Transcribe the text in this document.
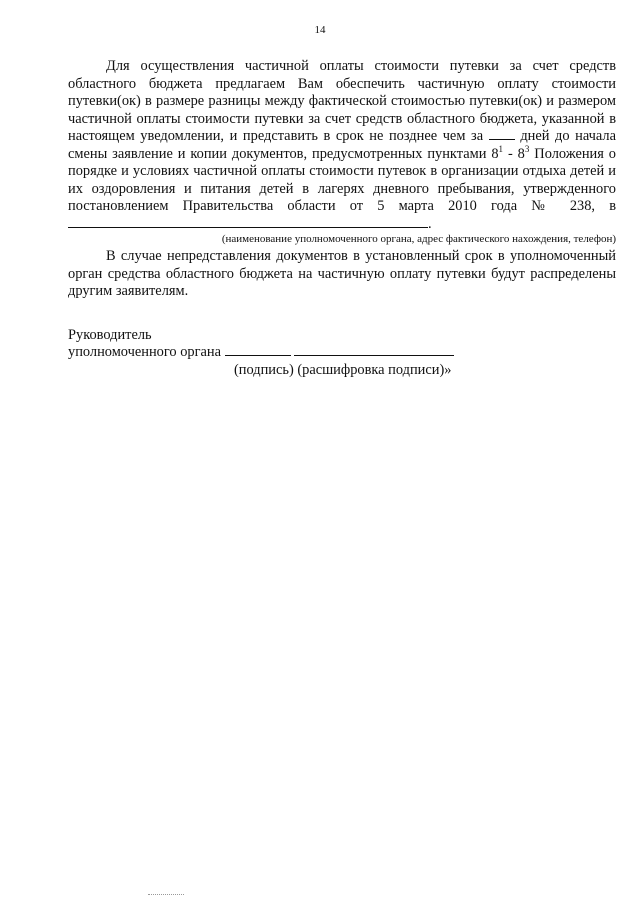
14

Для осуществления частичной оплаты стоимости путевки за счет средств областного бюджета предлагаем Вам обеспечить частичную оплату стоимости путевки(ок) в размере разницы между фактической стоимостью путевки(ок) и размером частичной оплаты стоимости путевки за счет средств областного бюджета, указанной в настоящем уведомлении, и представить в срок не позднее чем за	дней до начала смены заявление и копии документов, предусмотренных пунктами $8^1 - 8^3$ Положения о порядке и условиях частичной оплаты стоимости путевок в организации отдыха детей и их оздоровления и питания детей в лагерях дневного пребывания, утвержденного постановлением Правительства области от 5 марта 2010 года № 238, в .

(наименование уполномоченного органа, адрес фактического нахождения, телефон)

В случае непредставления документов в установленный срок в уполномоченный орган средства областного бюджета на частичную оплату путевки будут распределены другим заявителям.

Руководитель

уполномоченного органа

(подпись) (расшифровка подписи)»
